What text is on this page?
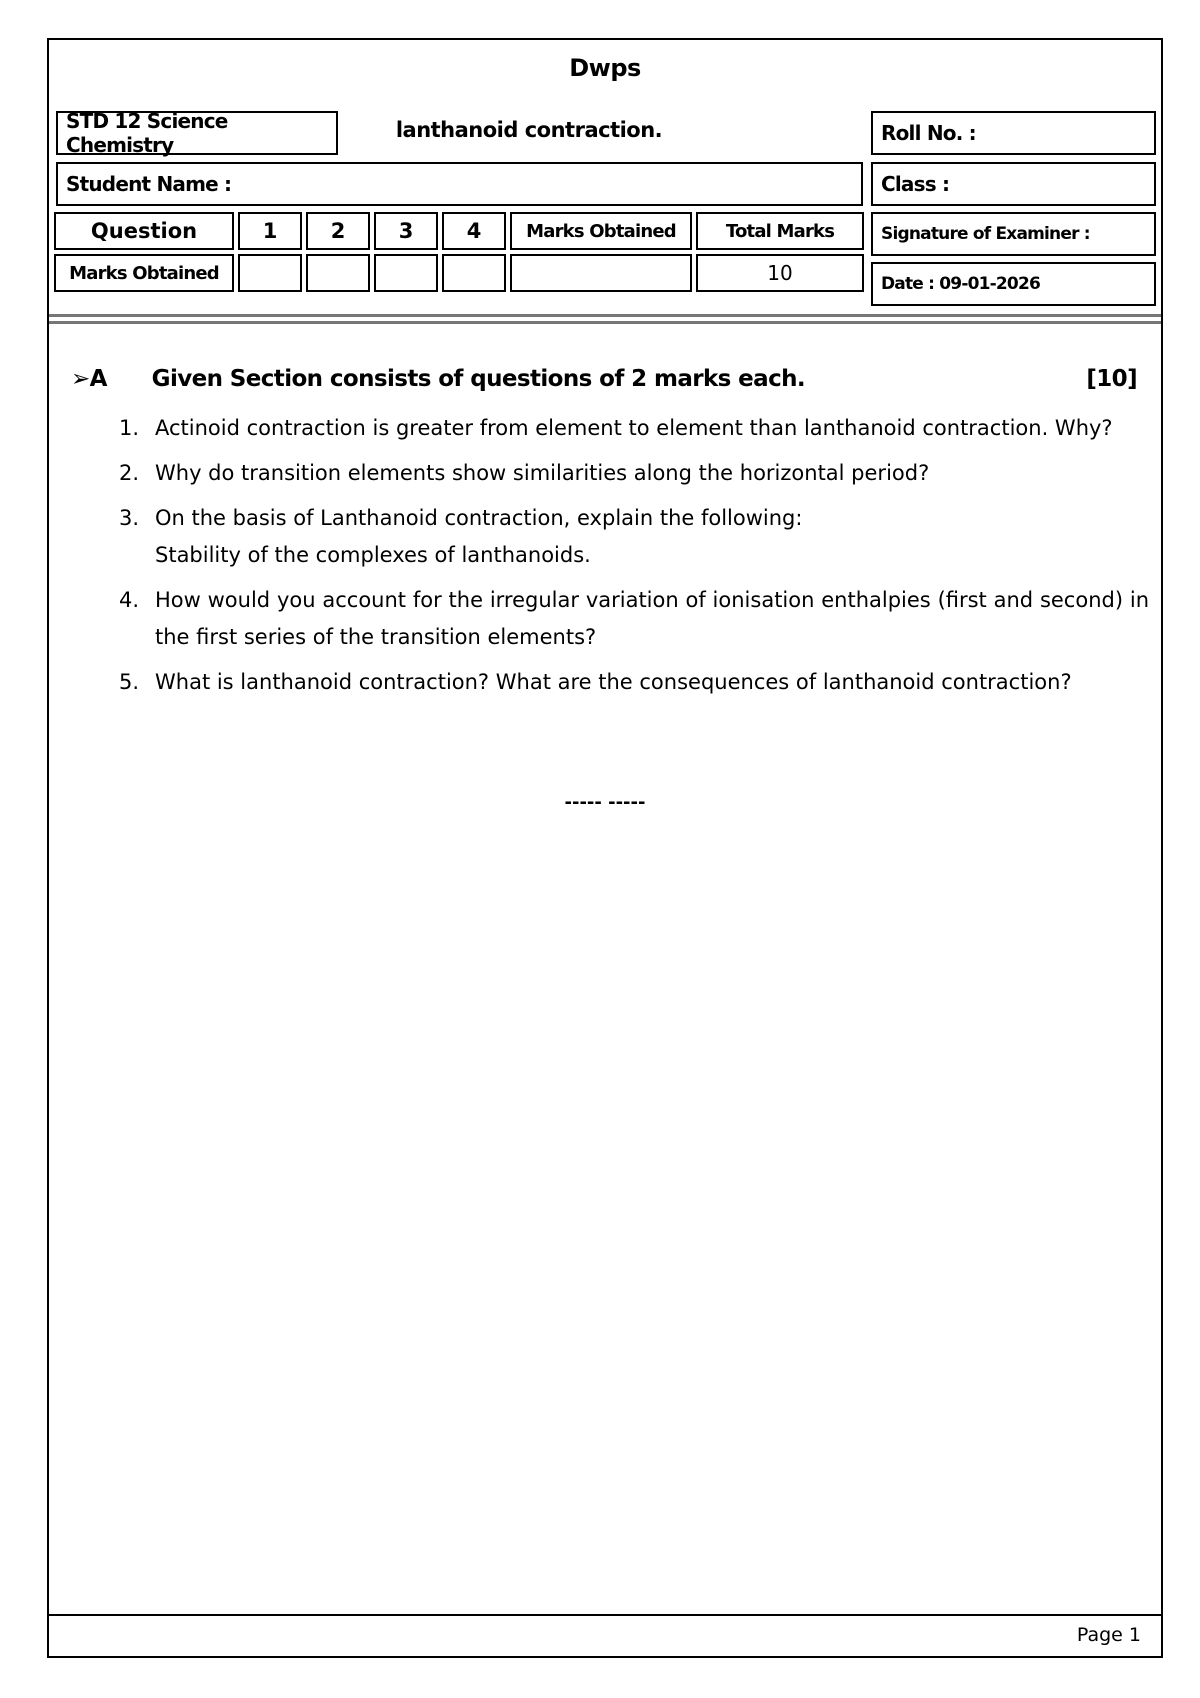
Dwps
STD 12 Science Chemistry
lanthanoid contraction.	Roll No. :
Student Name :	Class :
Question	1	2	3	4	Marks Obtained	Total Marks
Marks Obtained						10
Signature of Examiner :
Date : 09-01-2026
➢A Given Section consists of questions of 2 marks each.	[10]
1. Actinoid contraction is greater from element to element than lanthanoid contraction. Why?
2. Why do transition elements show similarities along the horizontal period?
3. On the basis of Lanthanoid contraction, explain the following:
Stability of the complexes of lanthanoids.
4. How would you account for the irregular variation of ionisation enthalpies (first and second) in the first series of the transition elements?
5. What is lanthanoid contraction? What are the consequences of lanthanoid contraction?
----- -----
Page 1
